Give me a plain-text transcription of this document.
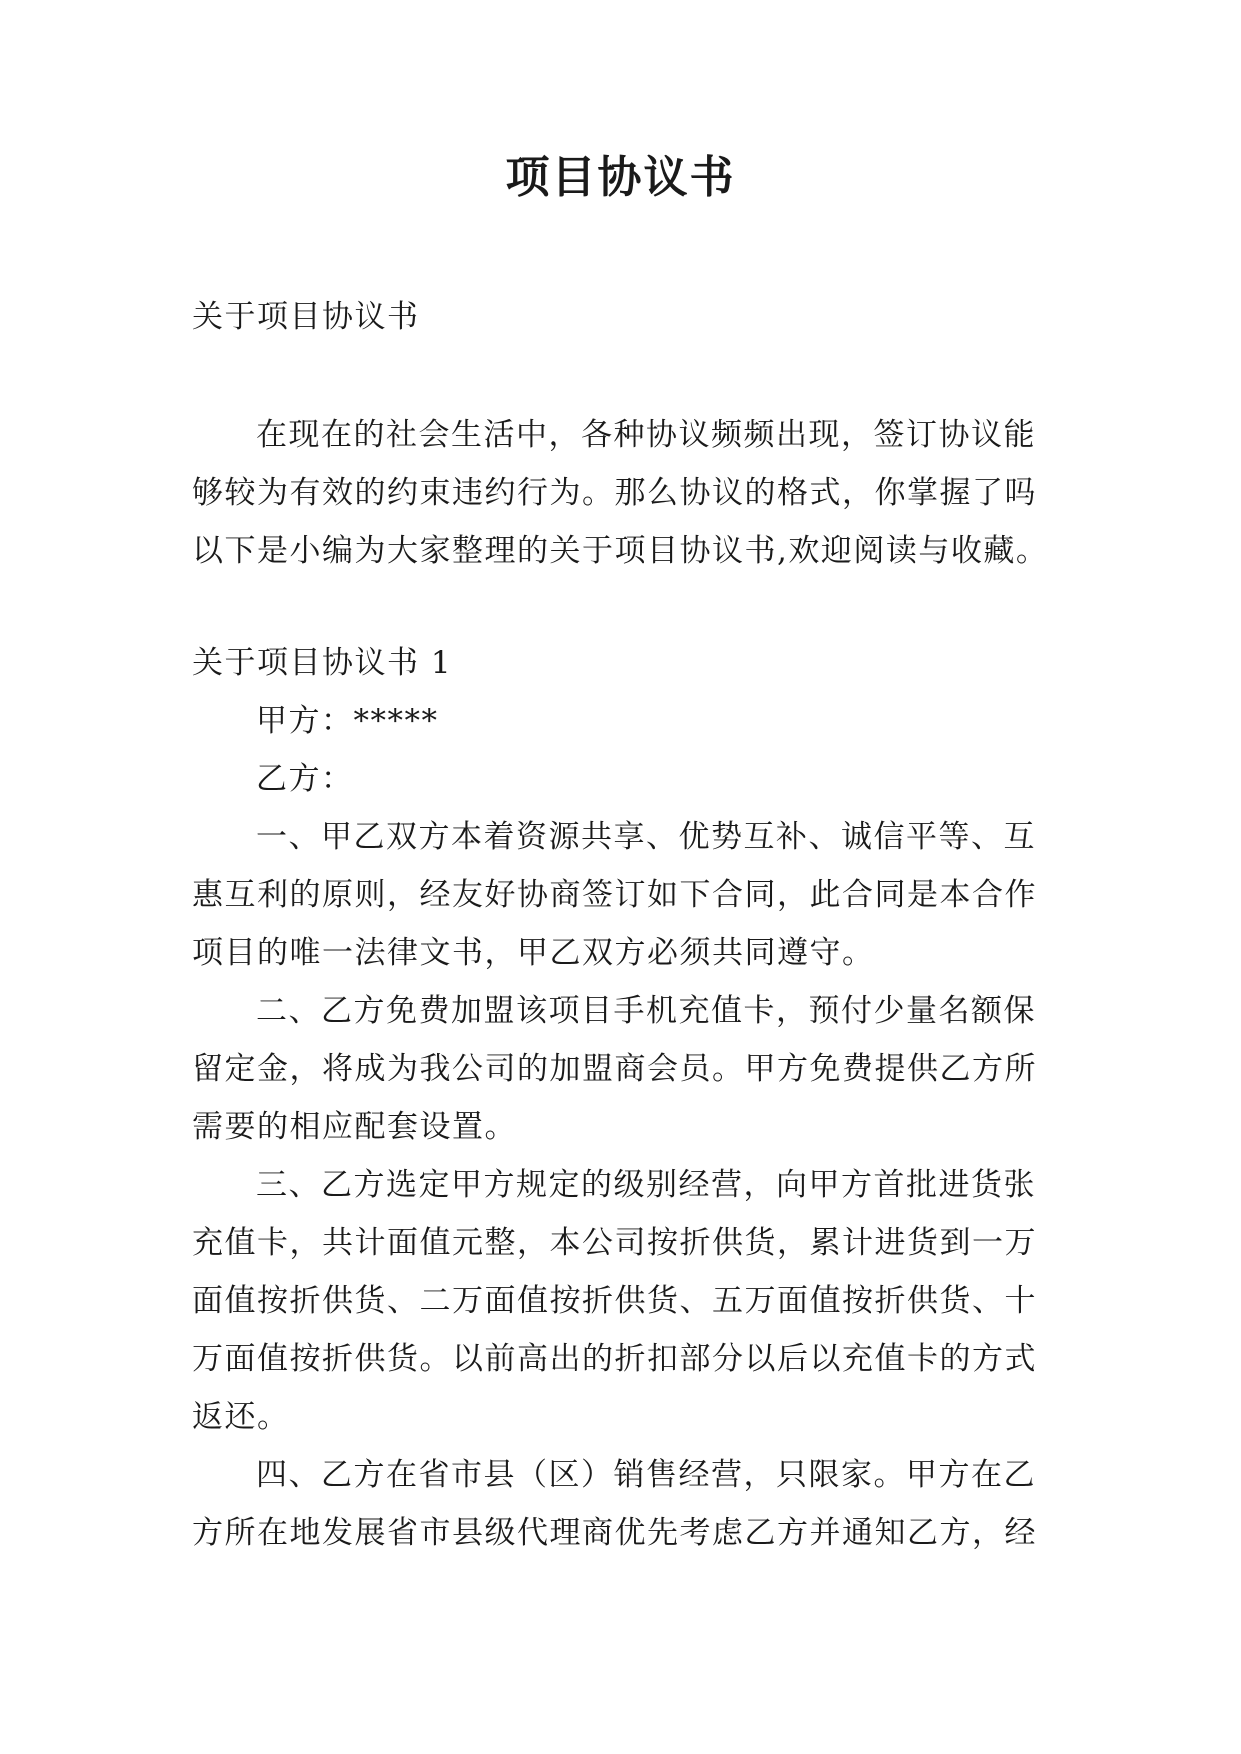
项目协议书
关于项目协议书
在现在的社会生活中，各种协议频频出现，签订协议能
够较为有效的约束违约行为。那么协议的格式，你掌握了吗
以下是小编为大家整理的关于项目协议书,欢迎阅读与收藏。
关于项目协议书 1
甲方：*****
乙方：
一、甲乙双方本着资源共享、优势互补、诚信平等、互
惠互利的原则，经友好协商签订如下合同，此合同是本合作
项目的唯一法律文书，甲乙双方必须共同遵守。
二、乙方免费加盟该项目手机充值卡，预付少量名额保
留定金，将成为我公司的加盟商会员。甲方免费提供乙方所
需要的相应配套设置。
三、乙方选定甲方规定的级别经营，向甲方首批进货张
充值卡，共计面值元整，本公司按折供货，累计进货到一万
面值按折供货、二万面值按折供货、五万面值按折供货、十
万面值按折供货。以前高出的折扣部分以后以充值卡的方式
返还。
四、乙方在省市县（区）销售经营，只限家。甲方在乙
方所在地发展省市县级代理商优先考虑乙方并通知乙方，经
